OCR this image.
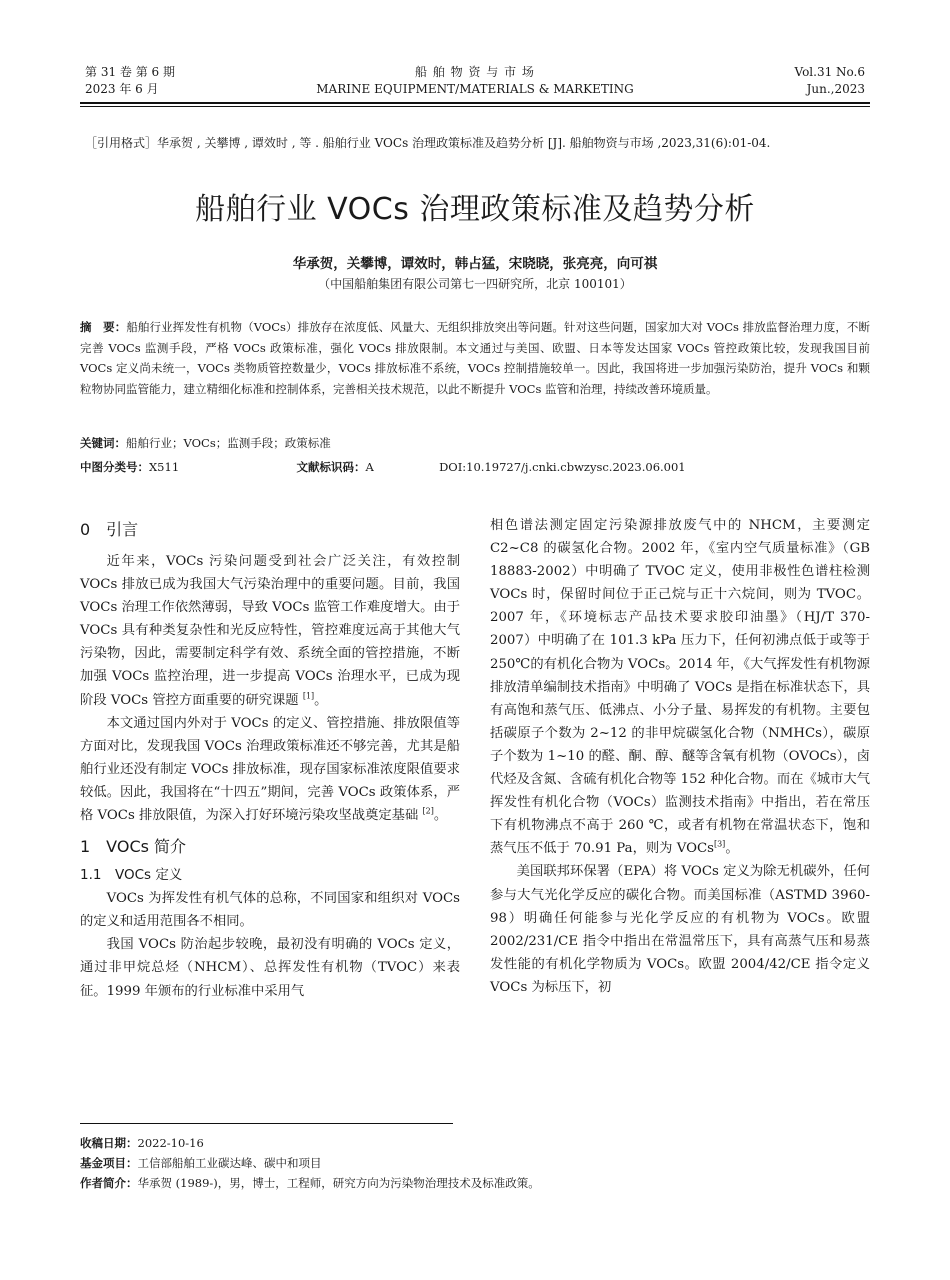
第 31 卷 第 6 期
2023 年 6 月
船 舶 物 资 与 市 场
MARINE EQUIPMENT/MATERIALS & MARKETING
Vol.31 No.6
Jun.,2023
［引用格式］华承贺 , 关攀博 , 谭效时 , 等 . 船舶行业 VOCs 治理政策标准及趋势分析 [J]. 船舶物资与市场 ,2023,31(6):01-04.
船舶行业 VOCs 治理政策标准及趋势分析
华承贺，关攀博，谭效时，韩占猛，宋晓晓，张亮亮，向可祺
（中国船舶集团有限公司第七一四研究所，北京 100101）
摘　要：船舶行业挥发性有机物（VOCs）排放存在浓度低、风量大、无组织排放突出等问题。针对这些问题，国家加大对 VOCs 排放监督治理力度，不断完善 VOCs 监测手段，严格 VOCs 政策标准，强化 VOCs 排放限制。本文通过与美国、欧盟、日本等发达国家 VOCs 管控政策比较，发现我国目前 VOCs 定义尚未统一，VOCs 类物质管控数量少，VOCs 排放标准不系统，VOCs 控制措施较单一。因此，我国将进一步加强污染防治，提升 VOCs 和颗粒物协同监管能力，建立精细化标准和控制体系，完善相关技术规范，以此不断提升 VOCs 监管和治理，持续改善环境质量。
关键词：船舶行业；VOCs；监测手段；政策标准
中图分类号：X511	文献标识码：A	DOI:10.19727/j.cnki.cbwzysc.2023.06.001
0　引言

近年来，VOCs 污染问题受到社会广泛关注，有效控制 VOCs 排放已成为我国大气污染治理中的重要问题。目前，我国 VOCs 治理工作依然薄弱，导致 VOCs 监管工作难度增大。由于 VOCs 具有种类复杂性和光反应特性，管控难度远高于其他大气污染物，因此，需要制定科学有效、系统全面的管控措施，不断加强 VOCs 监控治理，进一步提高 VOCs 治理水平，已成为现阶段 VOCs 管控方面重要的研究课题 [1]。

本文通过国内外对于 VOCs 的定义、管控措施、排放限值等方面对比，发现我国 VOCs 治理政策标准还不够完善，尤其是船舶行业还没有制定 VOCs 排放标准，现存国家标准浓度限值要求较低。因此，我国将在“十四五”期间，完善 VOCs 政策体系，严格 VOCs 排放限值，为深入打好环境污染攻坚战奠定基础 [2]。

1　VOCs 简介
1.1　VOCs 定义

VOCs 为挥发性有机气体的总称，不同国家和组织对 VOCs 的定义和适用范围各不相同。

我国 VOCs 防治起步较晚，最初没有明确的 VOCs 定义，通过非甲烷总烃（NHCM）、总挥发性有机物（TVOC）来表征。1999 年颁布的行业标准中采用气

相色谱法测定固定污染源排放废气中的 NHCM，主要测定 C2~C8 的碳氢化合物。2002 年，《室内空气质量标准》（GB 18883-2002）中明确了 TVOC 定义，使用非极性色谱柱检测 VOCs 时，保留时间位于正己烷与正十六烷间，则为 TVOC。2007 年，《环境标志产品技术要求胶印油墨》（HJ/T 370-2007）中明确了在 101.3 kPa 压力下，任何初沸点低于或等于 250℃的有机化合物为 VOCs。2014 年，《大气挥发性有机物源排放清单编制技术指南》中明确了 VOCs 是指在标准状态下，具有高饱和蒸气压、低沸点、小分子量、易挥发的有机物。主要包括碳原子个数为 2~12 的非甲烷碳氢化合物（NMHCs），碳原子个数为 1~10 的醛、酮、醇、醚等含氧有机物（OVOCs），卤代烃及含氮、含硫有机化合物等 152 种化合物。而在《城市大气挥发性有机化合物（VOCs）监测技术指南》中指出，若在常压下有机物沸点不高于 260 ℃，或者有机物在常温状态下，饱和蒸气压不低于 70.91 Pa，则为 VOCs[3]。

美国联邦环保署（EPA）将 VOCs 定义为除无机碳外，任何参与大气光化学反应的碳化合物。而美国标准（ASTMD 3960-98）明确任何能参与光化学反应的有机物为 VOCs。欧盟 2002/231/CE 指令中指出在常温常压下，具有高蒸气压和易蒸发性能的有机化学物质为 VOCs。欧盟 2004/42/CE 指令定义 VOCs 为标压下，初

收稿日期：2022-10-16
基金项目：工信部船舶工业碳达峰、碳中和项目
作者简介：华承贺 (1989-)，男，博士，工程师，研究方向为污染物治理技术及标准政策。
